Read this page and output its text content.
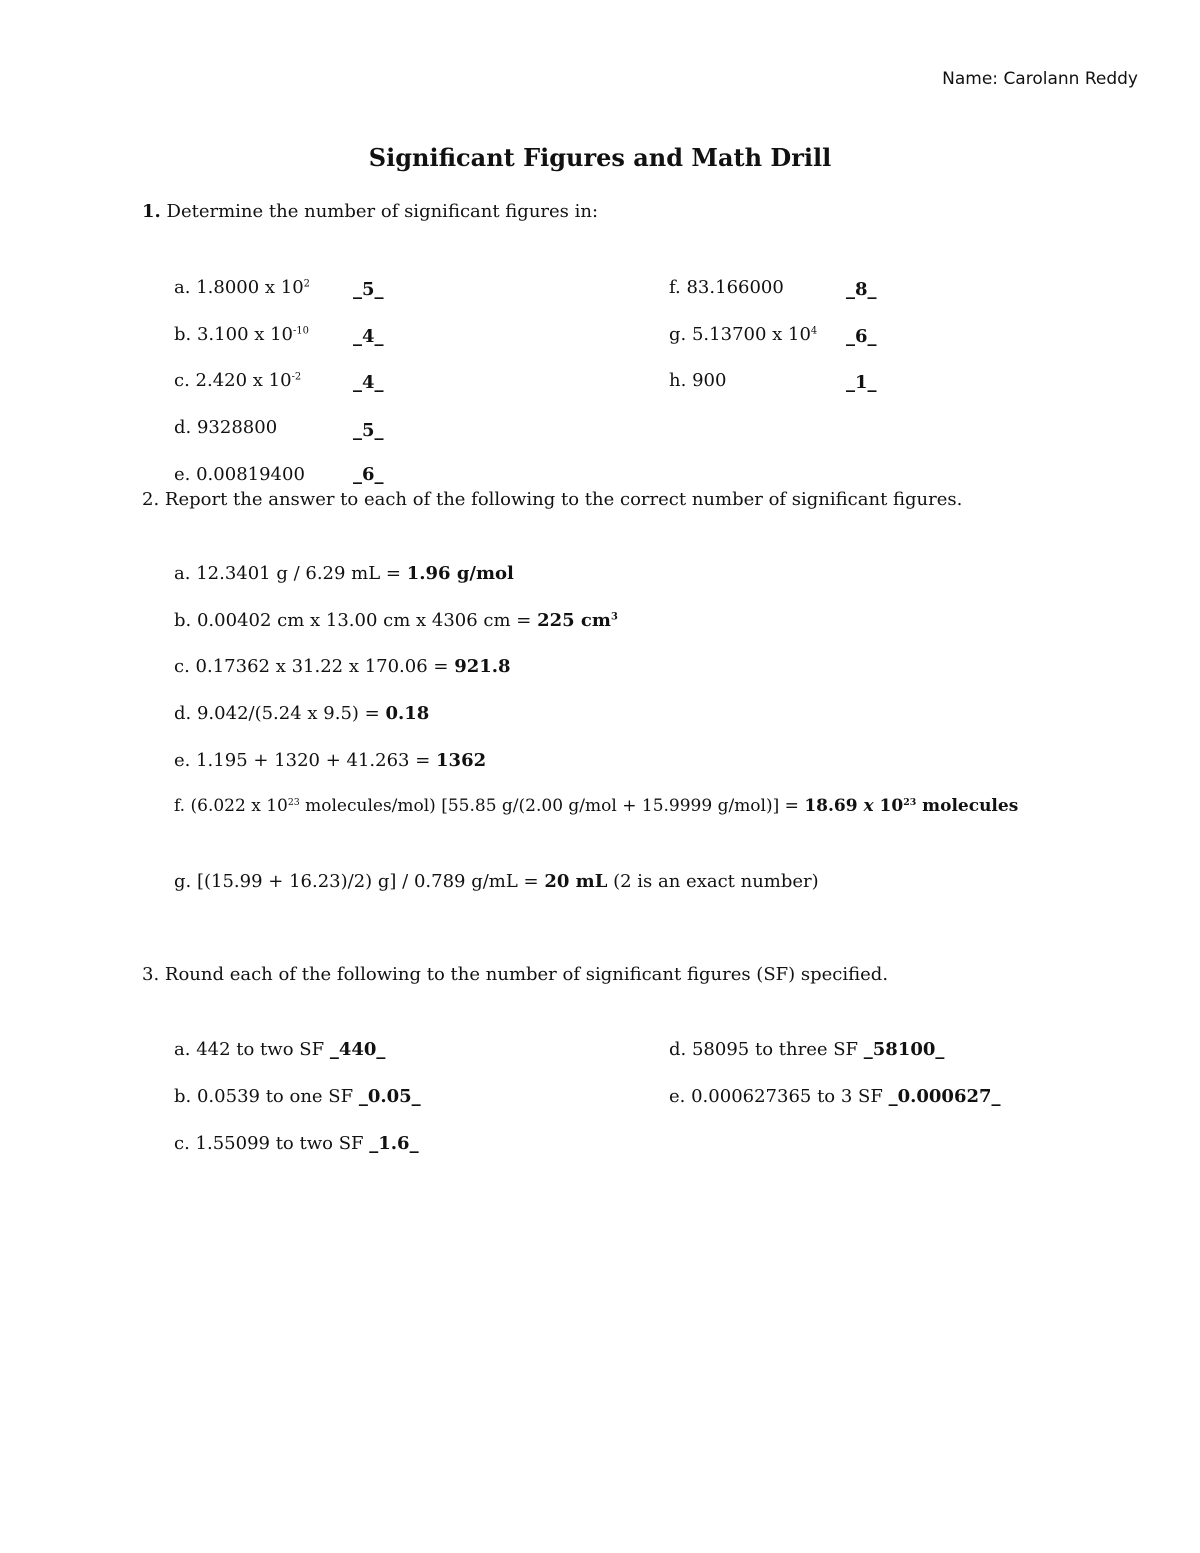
Name: Carolann Reddy
Significant Figures and Math Drill
1. Determine the number of significant figures in:
a. 1.8000 x $10^2$ _5_
b. 3.100 x $10^{-10}$ _4_
c. 2.420 x $10^{-2}$	_4_
d. 9328800	_5_
e. 0.00819400	_6_
f. 83.166000	_8_
g. 5.13700 x $10^4$ _6_
h. 900	_1_
2. Report the answer to each of the following to the correct number of significant figures.
a. 12.3401 g / 6.29 mL = 1.96 g/mol
b. 0.00402 cm x 13.00 cm x 4306 cm = 225 $cm^3$
c. 0.17362 x 31.22 x 170.06 = 921.8
d. 9.042/(5.24 x 9.5) = 0.18
e. 1.195 + 1320 + 41.263 = 1362
f. (6.022 x $10^{23}$ molecules/mol) [55.85 g/(2.00 g/mol + 15.9999 g/mol)] = 18.69 x $10^{23}$ molecules
g. [(15.99 + 16.23)/2) g] / 0.789 g/mL = 20 mL (2 is an exact number)
3. Round each of the following to the number of significant figures (SF) specified.
a. 442 to two SF _440_
b. 0.0539 to one SF _0.05_
c. 1.55099 to two SF _1.6_
d. 58095 to three SF _58100_
e. 0.000627365 to 3 SF _0.000627_
